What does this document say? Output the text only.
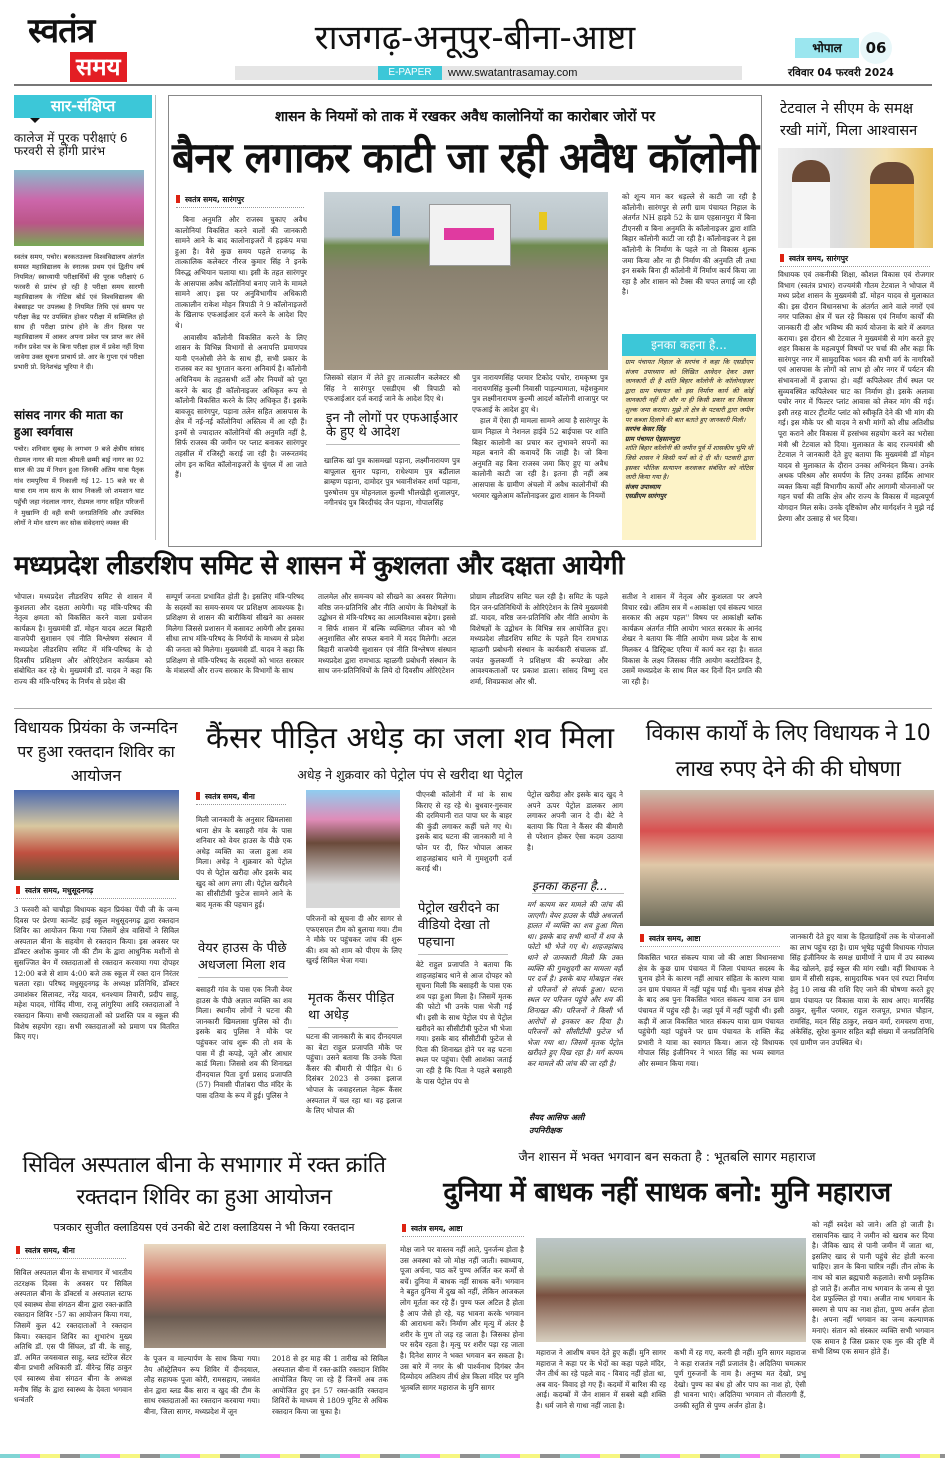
स्वतंत्र
समय
राजगढ़-अनूपुर-बीना-आष्टा
E-PAPER	www.swatantrasamay.com
भोपाल	06
रविवार 04 फरवरी 2024
सार-संक्षिप्त
कालेज में पूरक परीक्षाएं 6 फरवरी से होंगी प्रारंभ
स्वतंत्र समय, पचोर। बरकतउल्ला विश्वविद्यालय अंतर्गत समस्त महाविद्यालय के स्नातक प्रथम एवं द्वितीय वर्ष नियमित/ स्वाध्यायी परीक्षार्थियों की पूरक परीक्षाएं 6 फरवरी से प्रारंभ हो रही है परीक्षा समय सारणी महाविद्यालय के नोटिस बोर्ड एवं विश्वविद्यालय की वेबसाइट पर उपलब्ध है नियमित तिथि एवं समय पर परीक्षा केंद्र पर उपस्थित होकर परीक्षा में सम्मिलित हो साथ ही परीक्षा प्रारंभ होने के तीन दिवस पर महाविद्यालय में आकर अपना प्रवेश पत्र प्राप्त कर लेवें नवीन प्रवेश पत्र के बिना परीक्षा हाल में प्रवेश नहीं दिया जावेगा उक्त सूचना प्राचार्य प्रो. आर के गुप्ता एवं परीक्षा प्रभारी प्रो. दिनेशचंद्र भूरिया ने दी।
सांसद नागर की माता का हुआ स्वर्गवास
पचोर। शनिवार सुबह के लगभग 9 बजे क्षेत्रीय सांसद रोडमल नागर की माता श्रीमती छम्मी बाई नागर का 92 साल की उम्र में निधन हुआ जिनकी अंतिम यात्रा पैतृक गांव रामपुरिया में निकाली गई 12- 15 बजे घर से यात्रा राम नाम सत्य के साथ निकली जो शमशान घाट पहुँची जहा नंदलाल नागर, रोडमल नागर सहित परिजनों ने मुखाग्नि दी वही सभी जनप्रतिनिधि और उपस्थित लोगों ने मोन धारण कर सोक संवेदनाएं व्यक्त की
शासन के नियमों को ताक में रखकर अवैध कालोनियों का कारोबार जोरों पर
बैनर लगाकर काटी जा रही अवैध कॉलोनी
स्वतंत्र समय, सारंगपुर

बिना अनुमति और राजस्व चुकाए अवैध कालोनियां विकसित करने वालों की जानकारी सामने आने के बाद कालोनाइजरों में हड़कंप मचा हुआ है। वैसे कुछ समय पहले राजगढ़ के तात्कालिक कलेक्टर नीरज कुमार सिंह ने इनके विरुद्ध अभियान चलाया था। इसी के तहत सारंगपुर के आसपास अवैध कॉलोनियां बनाए जाने के मामले सामने आए। इस पर अनुविभागीय अधिकारी तात्कालीन राकेश मोहन त्रिपाठी ने 9 कॉलोनाइजरों के खिलाफ एफआईआर दर्ज करने के आदेश दिए थे।

आवासीय कॉलोनी विकसित करने के लिए शासन के विभिन्न विभागों से अनापत्ति प्रमाणपत्र यानी एनओसी लेने के साथ ही, सभी प्रकार के राजस्व कर का भुगतान करना अनिवार्य है। कॉलोनी अधिनियम के तहतसभी शर्तें और नियमों को पूरा करने के बाद ही कॉलोनाइजर अधिकृत रूप से कॉलोनी विकसित करने के लिए अधिकृत हैं। इसके बावजूद सारंगपुर, पड़ाना तलेन सहित आसपास के क्षेत्र में नई-नई कॉलोनियां अस्तित्व में आ रही हैं। इनमें से ज्यादातर कॉलोनियों की अनुमति नहीं है, सिर्फ राजस्व की जमीन पर प्लाट बनाकर सारंगपुर तहसील में रजिस्ट्री कराई जा रही है। जरूरतमंद लोग इन कथित कॉलोनाइजरों के चुंगल में आ जाते हैं।

जिसको संज्ञान में लेते हुए तात्कालीन कलेक्टर श्री सिंह ने सारंगपुर एसडीएम श्री त्रिपाठी को एफआईआर दर्ज कराई जाने के आदेश दिए थे।
इन नौ लोगों पर एफआईआर के हुए थे आदेश
खालिक खां पुत्र कासमखां पड़ाना, लक्ष्मीनारायण पुत्र बापूलाल सुनार पड़ाना, राधेश्याम पुत्र बद्रीलाल ब्राम्हण पड़ाना, दामोदर पुत्र भवानीशंकर शर्मा पड़ाना, पुरुषोत्तम पुत्र मोहनलाल कुल्मी भीलखेड़ी शुजालपुर, नगीनचंद पुत्र बिरदीचंद जैन पड़ाना, गोपालसिंह

पुत्र नारायणसिंह परमार टिकोद पचोर, रामकृष्ण पुत्र नारायणसिंह कुल्मी निवासी पाड़ल्यामाता, महेशकुमार पुत्र लक्ष्मीनारायण कुल्मी आदर्श कॉलोनी शाजापुर पर एफआई के आदेश हुए थे।

हाल में ऐसा ही मामला सामने आया है सारंगपुर के ग्राम निहाल मे नेशनल हाईवे 52 बाईपास पर शांति बिहार कालोनी का प्रचार कर लुभावने सपनों का महल बनाने की कवायदें कि जाही है। जो बिना अनुमति वह बिना राजस्व जमा किए हुए या अवैध कालोनी काटी जा रही है। इतना ही नहीं अब आसपास के ग्रामीण अंचलो में अवैध कालोनीयों की भरमार खुलेआम कॉलोनाइजर द्वारा शासन के नियमों

को शून्य मान कर धड़ल्ले से काटी जा रही है कॉलोनी। सारंगपुर से लगी ग्राम पंचायत निहाल के अंतर्गत NH हाइवे 52 के ग्राम एहसानपुरा में बिना टीएनसी व बिना अनुमति के कॉलोनाइजर द्वारा शांति बिहार कॉलोनी काटी जा रही है। कॉलोनाइजर ने इस कॉलोनी के निर्माण के पहले ना तो विकास शुल्क जमा किया और ना ही निर्माण की अनुमति ली तथा इन सबके बिना ही कॉलोनी में निर्माण कार्य किया जा रहा है और शासन को टैक्स की चपत लगाई जा रही है।
इनका कहना है...
ग्राम पंचायत निहाल के सरपंच ने कहा कि एसडीएम संजय उपाध्याय को लिखित आवेदन देकर उक्त जानकारी दी है शांति बिहार कॉलोनी के कॉलोनाइजर द्वारा ग्राम पंचायत को इस निर्माण कार्य की कोई जानकारी नहीं दी और ना ही किसी प्रकार का विकास शुल्क जमा कराया। मुझे तो क्षेत्र के पटवारी द्वारा जमीन पर कब्जा दिलाने की बात बताते हुए जानकारी मिली।
सरपंच केसर सिंह
ग्राम पंचायत ऐहसानपुरा
शांति बिहार कॉलोनी की जमीन पूर्व में शासकीय भूमि थी जिसे शासन ने किसी फर्म को दे दी थी। पटवारी द्वारा इसका भौतिक सत्यापन करवाकर संबंधित को नोटिस जारी किया गया है।
संजय उपाध्याय
एसडीएम सारंगपुर
टेटवाल ने सीएम के समक्ष रखी मांगें, मिला आश्वासन
स्वतंत्र समय, सारंगपुर
विधायक एवं तकनीकी शिक्षा, कौशल विकास एवं रोजगार विभाग (स्वतंत्र प्रभार) राज्यमंत्री गौतम टेटवाल ने भोपाल में मध्य प्रदेश शासन के मुख्यमंत्री डॉ. मोहन यादव से मुलाकात की। इस दौरान विधानसभा के अंतर्गत आने वाले नगरों एवं नगर पालिका क्षेत्र में चल रहे विकास एवं निर्माण कार्यों की जानकारी दी और भविष्य की कार्य योजना के बारे में अवगत कराया। इस दौरान श्री टेटवाल ने मुख्यमंत्री से मांग करते हुए शहर विकास के महत्वपूर्ण विषयों पर चर्चा की और कहा कि सारंगपुर नगर में सामुदायिक भवन की सभी वर्ग के नागरिकों एवं आसपास के लोगों को लाभ हो और नगर में पर्यटन की संभावनाओं में इजाफा हो। वहीं कपिलेश्वर तीर्थ स्थल पर सुव्यवस्थित कपिलेश्वर घाट का निर्माण हो। इसके अलावा पचोर नगर में फिल्टर प्लांट आवास को लेकर मांग की गई। इसी तरह वाटर ट्रीटमेंट प्लांट को स्वीकृति देने की भी मांग की गई। इस मौके पर श्री यादव ने सभी मांगों को शीघ्र अतिशीघ्र पूरा कराने और विकास में हरसंभव सहयोग करने का भरोसा मंत्री श्री टेटवाल को दिया। मुलाकात के बाद राज्यमंत्री श्री टेटवाल ने जानकारी देते हुए बताया कि मुख्यमंत्री डॉ मोहन यादव से मुलाकात के दौरान उनका अभिनंदन किया। उनके अथक परिश्रम और समर्पण के लिए उनका हार्दिक आभार व्यक्त किया वहीं विभागीय कार्यों और आगामी योजनाओं पर गहन चर्चा की ताकि क्षेत्र और राज्य के विकास में महत्वपूर्ण योगदान मिल सके। उनके दृष्टिकोण और मार्गदर्शन ने मुझे नई प्रेरणा और उत्साह से भर दिया।
मध्यप्रदेश लीडरशिप समिट से शासन में कुशलता और दक्षता आयेगी
भोपाल। मध्यप्रदेश लीडरशिप समिट से शासन में कुशलता और दक्षता आयेगी। यह मंत्रि-परिषद की नेतृत्व क्षमता को विकसित करने वाला प्रयोजन कार्यक्रम है। मुख्यमंत्री डॉ. मोहन यादव अटल बिहारी वाजपेयी सुशासन एवं नीति विश्लेषण संस्थान में मध्यप्रदेश लीडरशिप समिट में मंत्रि-परिषद के दो दिवसीय प्रशिक्षण और ओरिएंटेशन कार्यक्रम को संबोधित कर रहे थे। मुख्यमंत्री डॉ. यादव ने कहा कि राज्य की मंत्रि-परिषद के निर्णय से प्रदेश की
सम्पूर्ण जनता प्रभावित होती है। इसलिए मंत्रि-परिषद के सदस्यों का समय-समय पर प्रशिक्षण आवश्यक है। प्रशिक्षण से शासन की बारीकियां सीखने का अवसर मिलेगा जिससे प्रशासन में कसावट आयेगी और इसका सीधा लाभ मंत्रि-परिषद के निर्णयों के माध्यम से प्रदेश की जनता को मिलेगा। मुख्यमंत्री डॉ. यादव ने कहा कि प्रशिक्षण से मंत्रि-परिषद के सदस्यों को भारत सरकार के मंत्रालयों और राज्य सरकार के विभागों के साथ
तालमेल और समन्वय को सीखने का अवसर मिलेगा। वरिष्ठ जन-प्रतिनिधि और नीति आयोग के विशेषज्ञों के उद्बोधन से मंत्रि-परिषद का आत्मविश्वास बढ़ेगा। इससे न सिर्फ शासन में बल्कि व्यक्तिगत जीवन को भी अनुशासित और सफल बनाने में मदद मिलेगी। अटल बिहारी वाजपेयी सुशासन एवं नीति विश्लेषण संस्थान मध्यप्रदेश द्वारा रामभाऊ म्हाळगी प्रबोधनी संस्थान के साथ जन-प्रतिनिधियों के लिये दो दिवसीय ओरिएंटेशन
प्रोग्राम लीडरशिप समिट चल रही है। समिट के पहले दिन जन-प्रतिनिधियों के ओरिएंटेशन के लिये मुख्यमंत्री डॉ. यादव, वरिष्ठ जन-प्रतिनिधि और नीति आयोग के विशेषज्ञों के उद्बोधन के विभिन्न सत्र आयोजित हुए। मध्यप्रदेश लीडरशिप समिट के पहले दिन रामभाऊ म्हाळगी प्रबोधनी संस्थान के कार्यकारी संचालक डॉ. जयंत कुलकर्णी ने प्रशिक्षण की रूपरेखा और आवश्यकताओं पर प्रकाश डाला। सांसद विष्णु दत्त शर्मा, शिवप्रकाश और श्री.
सतीश ने शासन में नेतृत्व और कुशलता पर अपने विचार रखे। अंतिम सत्र में «आकांक्षा एवं संकल्प भारत सरकार की अहम पहल'' विषय पर आकांक्षी ब्लॉक कार्यक्रम अंतर्गत नीति आयोग भारत सरकार के आनंद शेखर ने बताया कि नीति आयोग मध्य प्रदेश के साथ मिलकर 4 डिस्ट्रिक्ट एरिया में कार्य कर रहा है। सतत विकास के लक्ष्य जिसका नीति आयोग कस्टोडियन है, उसमें मध्यप्रदेश के साथ मिल कर दिनों दिन प्रगति की जा रही है।
विधायक प्रियंका के जन्मदिन पर हुआ रक्तदान शिविर का आयोजन
स्वतंत्र समय, मधुसूदनगढ़
3 फरवरी को चाचौड़ा विधायक बहन प्रियंका पेंची जी के जन्म दिवस पर प्रेरणा कान्वेंट हाई स्कूल मधुसूदनगढ़ द्वारा रक्तदान शिविर का आयोजन किया गया जिसमें क्षेत्र वासियों ने सिविल अस्पताल बीना के सहयोग से रक्तदान किया। इस अवसर पर डॉक्टर अशोक कुमार जी की टीम के द्वारा आधुनिक मशीनों से सुसज्जित बेन में रक्तदाताओं से रक्तदान करवाया गया दोपहर 12:00 बजे से शाम 4:00 बजे तक स्कूल में रक्त दान निरंतर चलता रहा। परिषद मधुसूदनगढ़ के अध्यक्ष प्रतिनिधि, डॉक्टर उमाशंकर सिलावट, नरेंद्र यादव, धनश्याम तिवारी, प्रदीप साहू, महेश यादव, गोविंद मीणा, राजू लांगुरिया आदि रक्तदाताओं ने रक्तदान किया। सभी रक्तदाताओं को प्रशस्ति पत्र व स्कूल की विशेष सहयोग रहा। सभी रक्तदाताओं को प्रमाण पत्र वितरित किए गए।
कैंसर पीड़ित अधेड़ का जला शव मिला
अधेड़ ने शुक्रवार को पेट्रोल पंप से खरीदा था पेट्रोल
स्वतंत्र समय, बीना
मिली जानकारी के अनुसार खिमलासा थाना क्षेत्र के बसाहरी गांव के पास शनिवार को वेयर हाउस के पीछे एक अधेड़ व्यक्ति का जला हुआ शव मिला। अधेड़ ने शुक्रवार को पेट्रोल पंप से पेट्रोल खरीदा और इसके बाद खुद को आग लगा ली। पेट्रोल खरीदने का सीसीटीवी फुटेज सामने आने के बाद मृतक की पहचान हुई।
वेयर हाउस के पीछे अधजला मिला शव
बसाहरी गांव के पास एक निजी वेयर हाउस के पीछे अज्ञात व्यक्ति का शव मिला। स्थानीय लोगों ने घटना की जानकारी खिमलासा पुलिस को दी। इसके बाद पुलिस ने मौके पर पहुंचकर जांच शुरू की तो शव के पास में ही कपड़े, जूते और आधार कार्ड मिला। जिससे शव की शिनाख्त दीनदयाल पिता दुर्गा प्रसाद प्रजापति (57) निवासी पीतांबरा पीठ मंदिर के पास दतिया के रूप में हुई। पुलिस ने
परिजनों को सूचना दी और सागर से एफएसएल टीम को बुलाया गया। टीम ने मौके पर पहुंचकर जांच की शुरू की। शव को शाम को पीएम के लिए खुरई सिविल भेजा गया।
मृतक कैंसर पीड़ित था अधेड़
घटना की जानकारी के बाद दीनदयाल का बेटा राहुल प्रजापति मौके पर पहुंचा। उसने बताया कि उनके पिता कैंसर की बीमारी से पीड़ित थे। 6 दिसंबर 2023 से उनका इलाज भोपाल के जवाहरलाल नेहरू कैंसर अस्पताल में चल रहा था। वह इलाज के लिए भोपाल की
पीएनबी कॉलोनी में मां के साथ किराए से रह रहे थे। बुधवार-गुरुवार की दरमियानी रात पापा घर के बाहर की कुंडी लगाकर कहीं चले गए थे। इसके बाद घटना की जानकारी मां ने फोन पर दी, फिर भोपाल आकर शाहजहांबाद थाने में गुमशुदगी दर्ज कराई थी।
पेट्रोल खरीदने का वीडियो देखा तो पहचाना
बेटे राहुल प्रजापति ने बताया कि शाहजहांबाद थाने से आज दोपहर को सूचना मिली कि बसाहरी के पास एक शव पड़ा हुआ मिला है। जिसमें मृतक की फोटो भी उनके पास भेजी गई थी। इसी के साथ पेट्रोल पंप से पेट्रोल खरीदने का सीसीटीवी फुटेज भी भेजा गया। इसके बाद सीसीटीवी फुटेज से पिता की शिनाख्त होने पर वह घटना स्थल पर पहुंचा। ऐसी आशंका जताई जा रही है कि पिता ने पहले बसाहरी के पास पेट्रोल पंप से
पेट्रोल खरीदा और इसके बाद खुद ने अपने ऊपर पेट्रोल डालकर आग लगाकर अपनी जान दे दी। बेटे ने बताया कि पिता ने कैंसर की बीमारी से परेशान होकर ऐसा कदम उठाया है।
इनका कहना है...
मर्ग कायम कर मामले की जांच की जाएगी। वेयर हाउस के पीछे अधजली हालत में व्यक्ति का शव हुआ मिला था। इसके बाद सभी थानों में शव के फोटो भी भेजे गए थे। शाहजहांबाद थाने से जानकारी मिली कि उक्त व्यक्ति की गुमशुदगी का मामला वहीं पर दर्ज है। इसके बाद मोबाइल नंबर से परिजनों से संपर्क हुआ। घटना स्थल पर परिजन पहुंचे और शव की शिनाख्त की। परिजनों ने किसी भी आरोपों से इनकार कर दिया है। परिजनों को सीसीटीवी फुटेज भी भेजा गया था। जिसमें मृतक पेट्रोल खरीदते हुए दिख रहा है। मर्ग कायम कर मामले की जांच की जा रही है।
सैयद आसिफ अली
उपनिरीक्षक
विकास कार्यों के लिए विधायक ने 10 लाख रुपए देने की की घोषणा
स्वतंत्र समय, आष्टा
विकसित भारत संकल्प यात्रा जो की आष्टा विधानसभा क्षेत्र के कुछ ग्राम पंचायत में जिला पंचायत सदस्य के चुनाव होने के कारण नहीं आचार संहिता के कारण यात्रा उन ग्राम पंचायत में नहीं पहुंच पाई थी। चुनाव संपन्न होने के बाद अब पुनः विकसित भारत संकल्प यात्रा उन ग्राम पंचायत में पहुंच रही है। जहां पूर्व में नहीं पहुंची थी। इसी कड़ी में आज विकसित भारत संकल्प यात्रा ग्राम पंचायत पहुंचेगी यहां पहुंचने पर ग्राम पंचायत के शक्ति केंद्र प्रभारी ने यात्रा का स्वागत किया। आज रहे विधायक गोपाल सिंह इंजीनियर ने भारत सिंह का भव्य स्वागत और सम्मान किया गया।
जानकारी देते हुए यात्रा के हितग्राहियों तक के योजनाओं का लाभ पहुंच रहा है। ग्राम भूषेड़ पहुंची विधायक गोपाल सिंह इंजीनियर के समक्ष ग्रामीणों ने ग्राम में उप स्वास्थ्य केंद्र खोलने, हाई स्कूल की मांग रखी। वहीं विधायक ने ग्राम में सीसी सड़क, सामुदायिक भवन एवं रपटा निर्माण हेतु 10 लाख की राशि दिए जाने की घोषणा करते हुए ग्राम पंचायत पर विकास यात्रा के साथ आए। मानसिंह ठाकुर, सुनील परमार, राहुल राजपूत, प्रभात चौहान, रामसिंह, मदन सिंह ठाकुर, लखन वर्मा, रामचरण राणा, अंकेसिंह, सुरेश कुमार सहित बड़ी संख्या में जनप्रतिनिधि एवं ग्रामीण जन उपस्थित थे।
सिविल अस्पताल बीना के सभागार में रक्त क्रांति रक्तदान शिविर का हुआ आयोजन
पत्रकार सुजीत क्लाडियस एवं उनकी बेटे टाश क्लाडियस ने भी किया रक्तदान
स्वतंत्र समय, बीना
सिविल अस्पताल बीना के सभागार में भारतीय तटरक्षक दिवस के अवसर पर सिविल अस्पताल बीना के डॉक्टर्स व अस्पताल स्टाफ एवं स्वास्थ्य सेवा संगठन बीना द्वारा रक्त-क्रांति रक्तदान शिविर -57 का आयोजन किया गया, जिसमें कुल 42 रक्तदाताओं ने रक्तदान किया। रक्तदान शिविर का शुभारंभ मुख्य अतिथि डॉ. एस पी सिंघल, डॉ वी. के साहू, डॉ. अमित जयसवाल साहू, ब्लड स्टोरेज सेंटर बीना प्रभारी अधिकारी डॉ. वीरेन्द्र सिंह ठाकुर एवं स्वास्थ्य सेवा संगठन बीना के अध्यक्ष मनीष सिंह के द्वारा स्वास्थ्य के देवता भगवान धन्वंतरि
के पूजन व माल्यार्पण के साथ किया गया। तैय ऑस्ट्रेलियन रूप शिविर में दीनदयाल, लौह सहायक पूजा कोरी, रामसहाय, जसवंत सेन द्वारा ब्लड बैंक सारा व खुद की टीम के साथ रक्तदाताओं का रक्तदान करवाया गया। बीना, जिला सागर, मध्यप्रदेश में जून
2018 से हर माह की 1 तारीख को सिविल अस्पताल बीना में रक्त-क्रांति रक्तदान शिविर आयोजित किए जा रहे हैं जिनमें अब तक आयोजित हुए इन 57 रक्त-क्रांति रक्तदान शिविरों के माध्यम से 1809 यूनिट से अधिक रक्तदान किया जा चुका है।
जैन शासन में भक्त भगवान बन सकता है : भूतबलि सागर महाराज
दुनिया में बाधक नहीं साधक बनो: मुनि महाराज
स्वतंत्र समय, आष्टा
मोक्ष जाने पर वास्तव नहीं आते, पुनर्जन्म होता है उस अवस्था को जो मोक्ष नहीं जाती। स्वाध्याय, पूजा अर्चना, पाठ करें पुण्य अर्जित कर कर्मों से बचें। दुनिया में बाधक नहीं साधक बनें। भगवान ने बहुत दुनिया में दुख को नहीं, लेकिन आजकल लोग मूर्तता कर रहे हैं। पुण्य फल अटिल है होता है आप जैसे हो रहे, यह भावना करके भगवान की आराधना करें। निर्माण और मृत्यु में अंतर है शरीर के गुण तो जड़ रह जाता है। जिसका होना पर सदैव रहता है। मृत्यु पर शरीर पड़ा रह जाता है। दिनेश सागर ने भक्त भगवान बन सकता है। उस बारे में नगर के श्री पार्श्वनाथ दिगंबर जैन दिव्योदय अतिशय तीर्थ क्षेत्र किला मंदिर पर मुनि भूतबलि सागर महाराज के मुनि सागर
महाराज ने आशीष वचन देते हुए कहीं। मुनि सागर महाराज ने कहा पर के भेदों का कहा पहले मंदिर, जैन तीर्थ का रहे पहले वाद - विवाद नहीं होता था, अब वाद- विवाद हो गए हैं। कदमों में बारिश की रह आई। कदम्बों में जैन शासन में सबसे बड़ी शक्ति है। धर्म जाने से गाधा नहीं जाता है।
कभी में रह गए, करनी ही नहीं। मुनि सागर महाराज ने कहा राजतंत्र नहीं प्रजातंत्र है। अदितिया चमत्कार पूर्ण गुरुजनों के नाम है। अनुष्य मत देखो, प्रभु देखो। पुण्य का बंध हो और पाप का नाश हो, ऐसी ही भावना भाएं। अदितिया भगवान तो वीतरागी हैं, उनकी स्तुति से पुण्य अर्जन होता है।
को नहीं स्वदेश को जाने। अति हो जाती है। रासायनिक खाद ने जमीन को खराब कर दिया है। जैविक खाद से पानी जमीन में जाता था, इसलिए खाद से पानी पहुंचे सेट होती करना चाहिए। ज्ञान के बिना चारित्र नहीं। तीन लोक के नाथ को बाल ब्रह्मचारी कहलाते। सभी प्रकृतिक हो जाते हैं। अजीत नाथ भगवान के जन्म से पूरा देश प्रफुल्लित हो गया। अजीत नाथ भगवान के स्मरण से पाप का नाश होता, पुण्य अर्जन होता है। अपना नहीं भगवान का जन्म कल्याणक मनाएं। संतान को संस्कार व्यक्ति सभी भगवान एक समान है जिस प्रकार एक गुरु की दृष्टि में सभी शिष्य एक समान होते हैं।
